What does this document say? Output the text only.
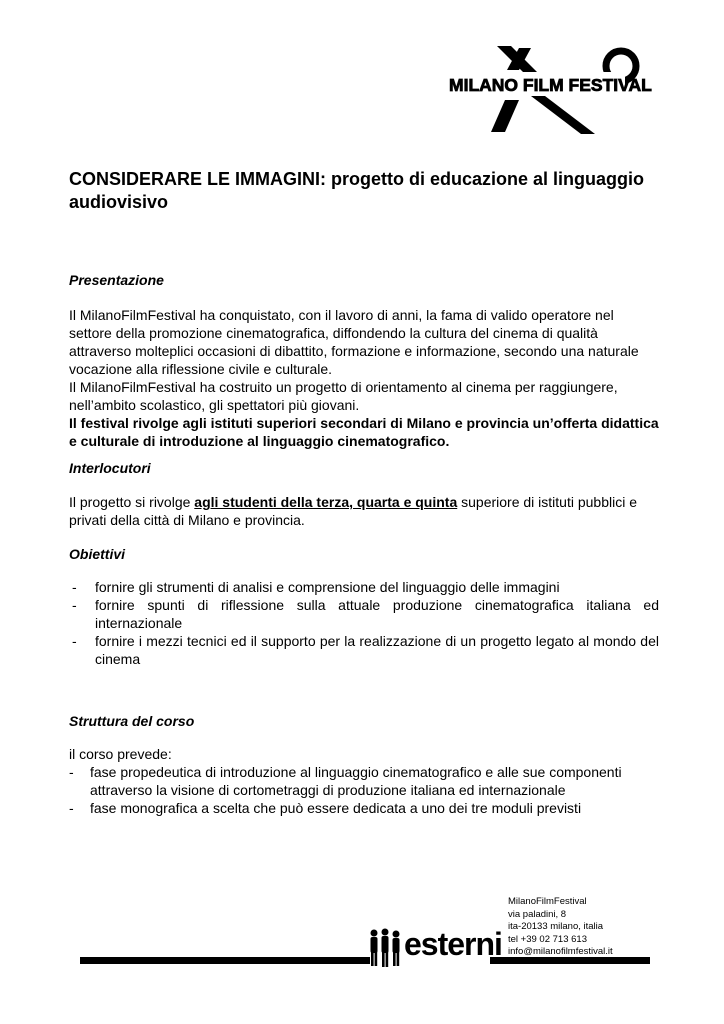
MILANO FILM FESTIVAL
CONSIDERARE LE IMMAGINI: progetto di educazione al linguaggio audiovisivo
Presentazione

Il MilanoFilmFestival ha conquistato, con il lavoro di anni, la fama di valido operatore nel settore della promozione cinematografica, diffondendo la cultura del cinema di qualità attraverso molteplici occasioni di dibattito, formazione e informazione, secondo una naturale vocazione alla riflessione civile e culturale.

Il MilanoFilmFestival ha costruito un progetto di orientamento al cinema per raggiungere, nell’ambito scolastico, gli spettatori più giovani.

Il festival rivolge agli istituti superiori secondari di Milano e provincia un’offerta didattica e culturale di introduzione al linguaggio cinematografico.

Interlocutori

Il progetto si rivolge agli studenti della terza, quarta e quinta superiore di istituti pubblici e privati della città di Milano e provincia.

Obiettivi
- fornire gli strumenti di analisi e comprensione del linguaggio delle immagini
- fornire spunti di riflessione sulla attuale produzione cinematografica italiana ed internazionale
- fornire i mezzi tecnici ed il supporto per la realizzazione di un progetto legato al mondo del cinema
Struttura del corso
il corso prevede:
- fase propedeutica di introduzione al linguaggio cinematografico e alle sue componenti attraverso la visione di cortometraggi di produzione italiana ed internazionale
- fase monografica a scelta che può essere dedicata a uno dei tre moduli previsti
MilanoFilmFestival
via paladini, 8
ita-20133 milano, italia
tel +39 02 713 613
info@milanofilmfestival.it
esterni
